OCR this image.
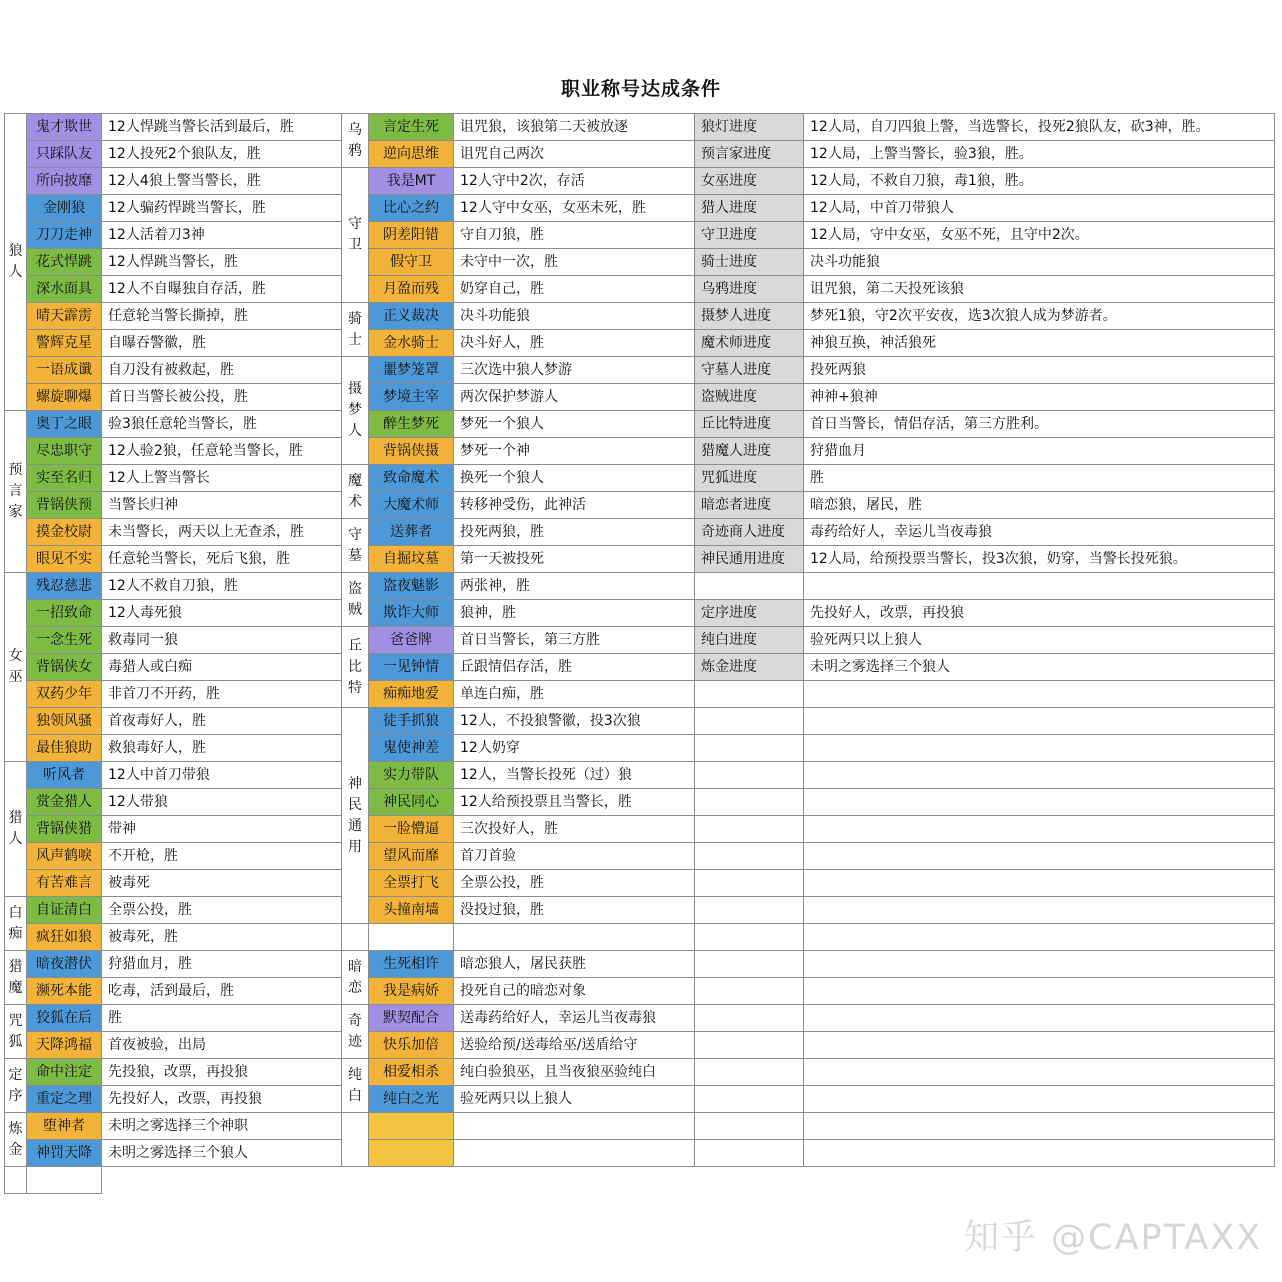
职业称号达成条件
狼人	鬼才欺世	12人悍跳当警长活到最后，胜	乌鸦	言定生死	诅咒狼，该狼第二天被放逐	狼灯进度	12人局，自刀四狼上警，当选警长，投死2狼队友，砍3神，胜。
	只踩队友	12人投死2个狼队友，胜		逆向思维	诅咒自己两次	预言家进度	12人局，上警当警长，验3狼，胜。
	所向披靡	12人4狼上警当警长，胜	守卫	我是MT	12人守中2次，存活	女巫进度	12人局，不救自刀狼，毒1狼，胜。
	金刚狼	12人骗药悍跳当警长，胜		比心之约	12人守中女巫，女巫未死，胜	猎人进度	12人局，中首刀带狼人
	刀刀走神	12人活着刀3神		阴差阳错	守自刀狼，胜	守卫进度	12人局，守中女巫，女巫不死，且守中2次。
	花式悍跳	12人悍跳当警长，胜		假守卫	未守中一次，胜	骑士进度	决斗功能狼
	深水面具	12人不自曝独自存活，胜		月盈而残	奶穿自己，胜	乌鸦进度	诅咒狼，第二天投死该狼
	晴天霹雳	任意轮当警长撕掉，胜	骑士	正义裁决	决斗功能狼	摄梦人进度	梦死1狼，守2次平安夜，选3次狼人成为梦游者。
	警辉克星	自曝吞警徽，胜		金水骑士	决斗好人，胜	魔术师进度	神狼互换，神活狼死
	一语成谶	自刀没有被救起，胜	摄梦人	噩梦笼罩	三次选中狼人梦游	守墓人进度	投死两狼
	螺旋聊爆	首日当警长被公投，胜		梦境主宰	两次保护梦游人	盗贼进度	神神+狼神
预言家	奥丁之眼	验3狼任意轮当警长，胜		醉生梦死	梦死一个狼人	丘比特进度	首日当警长，情侣存活，第三方胜利。
	尽忠职守	12人验2狼，任意轮当警长，胜		背锅侠摄	梦死一个神	猎魔人进度	狩猎血月
	实至名归	12人上警当警长	魔术	致命魔术	换死一个狼人	咒狐进度	胜
	背锅侠预	当警长归神		大魔术师	转移神受伤，此神活	暗恋者进度	暗恋狼，屠民，胜
	摸金校尉	未当警长，两天以上无查杀，胜	守墓	送葬者	投死两狼，胜	奇迹商人进度	毒药给好人，幸运儿当夜毒狼
	眼见不实	任意轮当警长，死后飞狼，胜		自掘坟墓	第一天被投死	神民通用进度	12人局，给预投票当警长，投3次狼，奶穿，当警长投死狼。
女巫	残忍慈悲	12人不救自刀狼，胜	盗贼	盗夜魅影	两张神，胜		
	一招致命	12人毒死狼		欺诈大师	狼神，胜	定序进度	先投好人，改票，再投狼
	一念生死	救毒同一狼	丘比特	爸爸牌	首日当警长，第三方胜	纯白进度	验死两只以上狼人
	背锅侠女	毒猎人或白痴		一见钟情	丘跟情侣存活，胜	炼金进度	未明之雾选择三个狼人
	双药少年	非首刀不开药，胜		痴痴地爱	单连白痴，胜		
	独领风骚	首夜毒好人，胜	神民通用	徒手抓狼	12人，不投狼警徽，投3次狼		
	最佳狼助	救狼毒好人，胜		鬼使神差	12人奶穿		
猎人	听风者	12人中首刀带狼		实力带队	12人，当警长投死（过）狼		
	赏金猎人	12人带狼		神民同心	12人给预投票且当警长，胜		
	背锅侠猎	带神		一脸懵逼	三次投好人，胜		
	风声鹤唳	不开枪，胜		望风而靡	首刀首验		
	有苦难言	被毒死		全票打飞	全票公投，胜		
白痴	自证清白	全票公投，胜		头撞南墙	没投过狼，胜		
	疯狂如狼	被毒死，胜					
猎魔	暗夜潜伏	狩猎血月，胜	暗恋	生死相许	暗恋狼人，屠民获胜		
	濒死本能	吃毒，活到最后，胜		我是病娇	投死自己的暗恋对象		
咒狐	狡狐在后	胜	奇迹	默契配合	送毒药给好人，幸运儿当夜毒狼		
	天降鸿福	首夜被验，出局		快乐加倍	送验给预/送毒给巫/送盾给守		
定序	命中注定	先投狼，改票，再投狼	纯白	相爱相杀	纯白验狼巫，且当夜狼巫验纯白		
	重定之理	先投好人，改票，再投狼		纯白之光	验死两只以上狼人		
炼金	堕神者	未明之雾选择三个神职					
	神罚天降	未明之雾选择三个狼人					

知乎 @CAPTAXX
